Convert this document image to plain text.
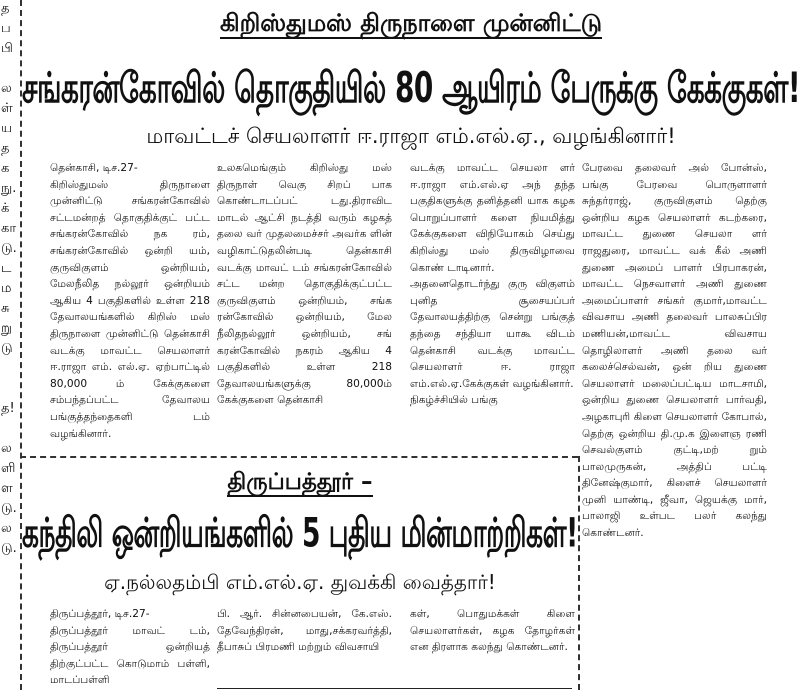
த
ப
பி
ல
ள்
ய
த
க
நு.
க்
கா
டு.
ட
ம
சு
று
டு
த!
ல
ளி
ள
டு.
ல
டு.
கிறிஸ்துமஸ் திருநாளை முன்னிட்டு
சங்கரன்கோவில் தொகுதியில் 80 ஆயிரம் பேருக்கு கேக்குகள்!
மாவட்டச் செயலாளர் ஈ.ராஜா எம்.எல்.ஏ., வழங்கினார்!

தென்காசி, டிச.27-
கிறிஸ்துமஸ் திருநாளை முன்னிட்டு சங்கரன்கோவில் சட்டமன்றத் தொகுதிக்குட் பட்ட சங்கரன்கோவில் நக ரம், சங்கரன்கோவில் ஒன்றி யம், குருவிகுளம் ஒன்றியம், மேலநீலித நல்லூர் ஒன்றியம் ஆகிய 4 பகுதிகளில் உள்ள 218 தேவாலயங்களில் கிறிஸ் மஸ் திருநாளை முன்னிட்டு தென்காசி வடக்கு மாவட்ட செயலாளர் ஈ.ராஜா எம். எல்.ஏ. ஏற்பாட்டில் 80,000 ம் கேக்குகளை சம்பந்தப்பட்ட தேவாலய பங்குத்தந்தைகளி டம் வழங்கினார்.

உலகமெங்கும் கிறிஸ்து மஸ் திருநாள் வெகு சிறப் பாக கொண்டாடப்பட் டது.திராவிட மாடல் ஆட்சி நடத்தி வரும் கழகத் தலை வர் முதலமைச்சர் அவர்க ளின் வழிகாட்டுதலின்படி தென்காசி வடக்கு மாவட் டம் சங்கரன்கோவில் சட்ட மன்ற தொகுதிக்குட்பட்ட குருவிகுளம் ஒன்றியம், சங்க ரன்கோவில் ஒன்றியம், மேல நீலிதநல்லூர் ஒன்றியம், சங் கரன்கோவில் நகரம் ஆகிய 4 பகுதிகளில் உள்ள 218 தேவாலயங்களுக்கு 80,000ம் கேக்குகளை தென்காசி

வடக்கு மாவட்ட செயலா ளர் ஈ.ராஜா எம்.எல்.ஏ அந் தந்த பகுதிகளுக்கு தனித்தனி யாக கழக பொறுப்பாளர் களை நியமித்து கேக்குகளை விநியோகம் செய்து கிறிஸ்து மஸ் திருவிழாவை கொண் டாடினார்.
அதனைதொடர்ந்து குரு விகுளம் புனித சூசையப்பர் தேவாலயத்திற்கு சென்று பங்குத் தந்தை சந்தியா யாகூ விடம் தென்காசி வடக்கு மாவட்ட செயலாளர் ஈ. ராஜா எம்.எல்.ஏ.கேக்குகள் வழங்கினார்.
நிகழ்ச்சியில் பங்கு

பேரவை தலைவர் அல் போன்ஸ், பங்கு பேரவை பொருளாளர் சுந்தர்ராஜ், குருவிகுளம் தெற்கு ஒன்றிய கழக செயலாளர் கடற்கரை, மாவட்ட துணை செயலா ளர் ராஜதுரை, மாவட்ட வக் கீல் அணி துணை அமைப் பாளர் பிரபாகரன், மாவட்ட நெசவாளர் அணி துணை அமைப்பாளர் சங்கர் குமார்,மாவட்ட விவசாய அணி தலைவர் பாலசுப்பிர மணியன்,மாவட்ட விவசாய தொழிலாளர் அணி தலை வர் கலைச்செல்வன், ஒன் றிய துணை செயலாளர் மலைப்பட்டிய மாடசாமி, ஒன்றிய துணை செயலாளர் பார்வதி, அழகாபுரி கிளை செயலாளர் கோபால், தெற்கு ஒன்றிய தி.மு.க இளைஞ ரணி செவல்குளம் குட்டி,மற் றும் பாலமுருகன், அத்திப் பட்டி தினேஷ்குமார், கிளைச் செயலாளர் முனி யாண்டி, ஜீவா, ஜெயக்கு மார், பாலாஜி உள்பட பலர் கலந்து கொண்டனர்.

திருப்பத்தூர் –
கந்திலி ஒன்றியங்களில் 5 புதிய மின்மாற்றிகள்!
ஏ.நல்லதம்பி எம்.எல்.ஏ. துவக்கி வைத்தார்!

திருப்பத்தூர், டிச.27-
திருப்பத்தூர் மாவட் டம், திருப்பத்தூர் ஒன்றியத் திற்குட்பட்ட கொடுமாம் பள்ளி, மாடப்பள்ளி

பி. ஆர். சின்னபையன், கே.எஸ். தேவேந்திரன், மாது,சக்கரவர்த்தி, தீபாசுப் பிரமணி மற்றும் விவசாயி

கள், பொதுமக்கள் கிளை செயலாளர்கள், கழக தோழர்கள் என திரளாக கலந்து கொண்டனர்.
